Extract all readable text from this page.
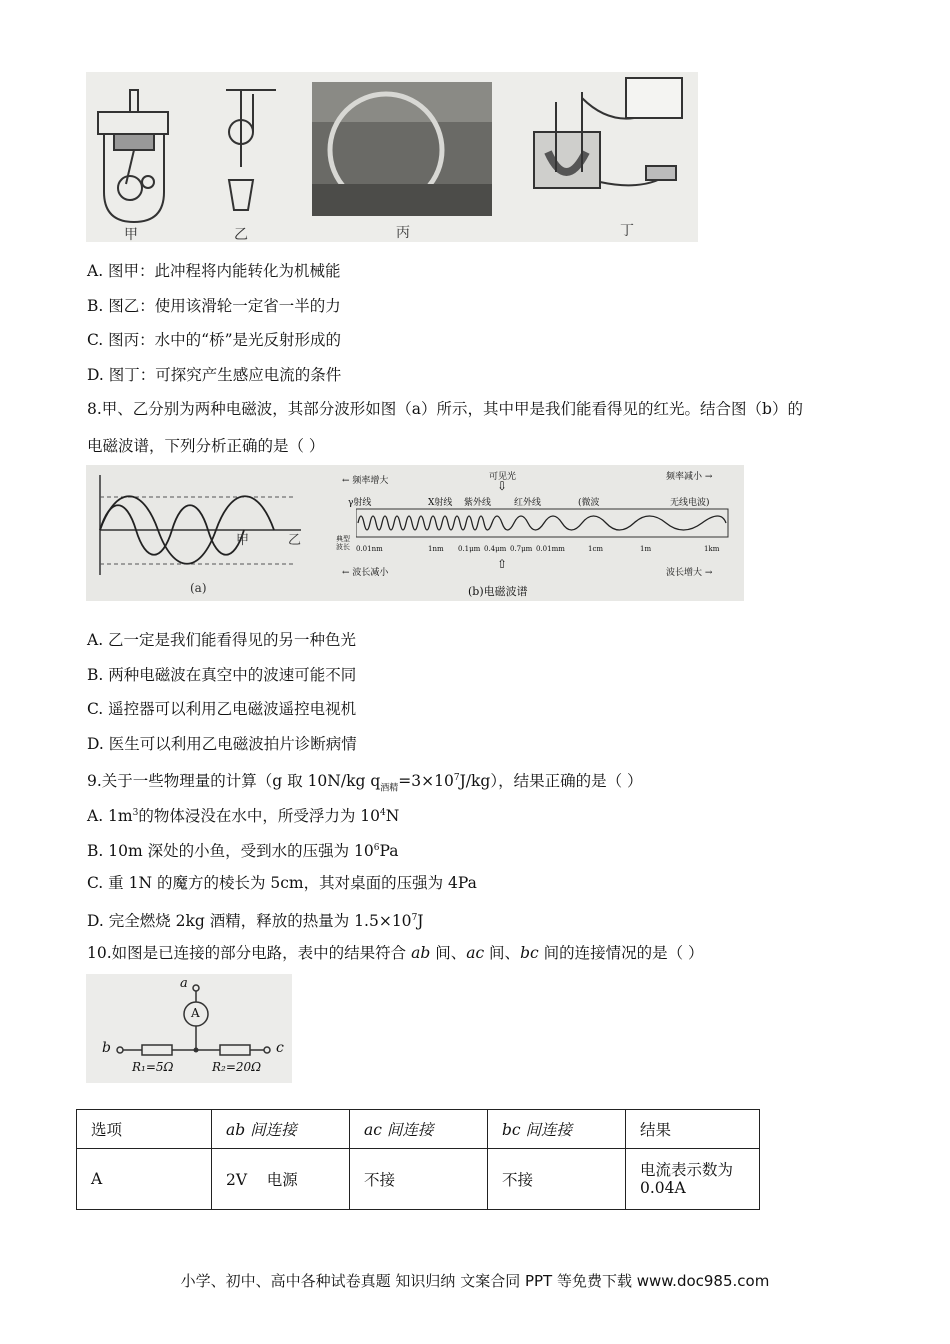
甲	乙	丙	丁
A. 图甲：此冲程将内能转化为机械能
B. 图乙：使用该滑轮一定省一半的力
C. 图丙：水中的“桥”是光反射形成的
D. 图丁：可探究产生感应电流的条件
8.甲、乙分别为两种电磁波，其部分波形如图（a）所示，其中甲是我们能看得见的红光。结合图（b）的
电磁波谱，下列分析正确的是（ ）
甲	乙
(a)
← 频率增大	可见光
⇩
频率减小 →
γ射线	X射线 紫外线	红外线	(微波	无线电波)
典型波长 0.01nm	1nm 0.1μm 0.4μm 0.7μm 0.01mm	1cm	1m	1km
← 波长减小
⇧
波长增大 →
(b)电磁波谱
A. 乙一定是我们能看得见的另一种色光
B. 两种电磁波在真空中的波速可能不同
C. 遥控器可以利用乙电磁波遥控电视机
D. 医生可以利用乙电磁波拍片诊断病情
9.关于一些物理量的计算（g 取 10N/kg $q_{酒精}=3\times 10^7J/kg$），结果正确的是（ ）
A. $1m^3$的物体浸没在水中，所受浮力为 $10^4N$
B. 10m 深处的小鱼，受到水的压强为 $10^6Pa$
C. 重 1N 的魔方的棱长为 5cm，其对桌面的压强为 4Pa
D. 完全燃烧 2kg 酒精，释放的热量为 $1.5\times 10^7J$
10.如图是已连接的部分电路，表中的结果符合 ab 间、ac 间、bc 间的连接情况的是（ ）
a
A
b	c
R₁=5Ω	R₂=20Ω
选项	ab 间连接	ac 间连接	bc 间连接	结果
A	2V    电源	不接	不接	电流表示数为 0.04A
小学、初中、高中各种试卷真题 知识归纳 文案合同 PPT 等免费下载 www.doc985.com
